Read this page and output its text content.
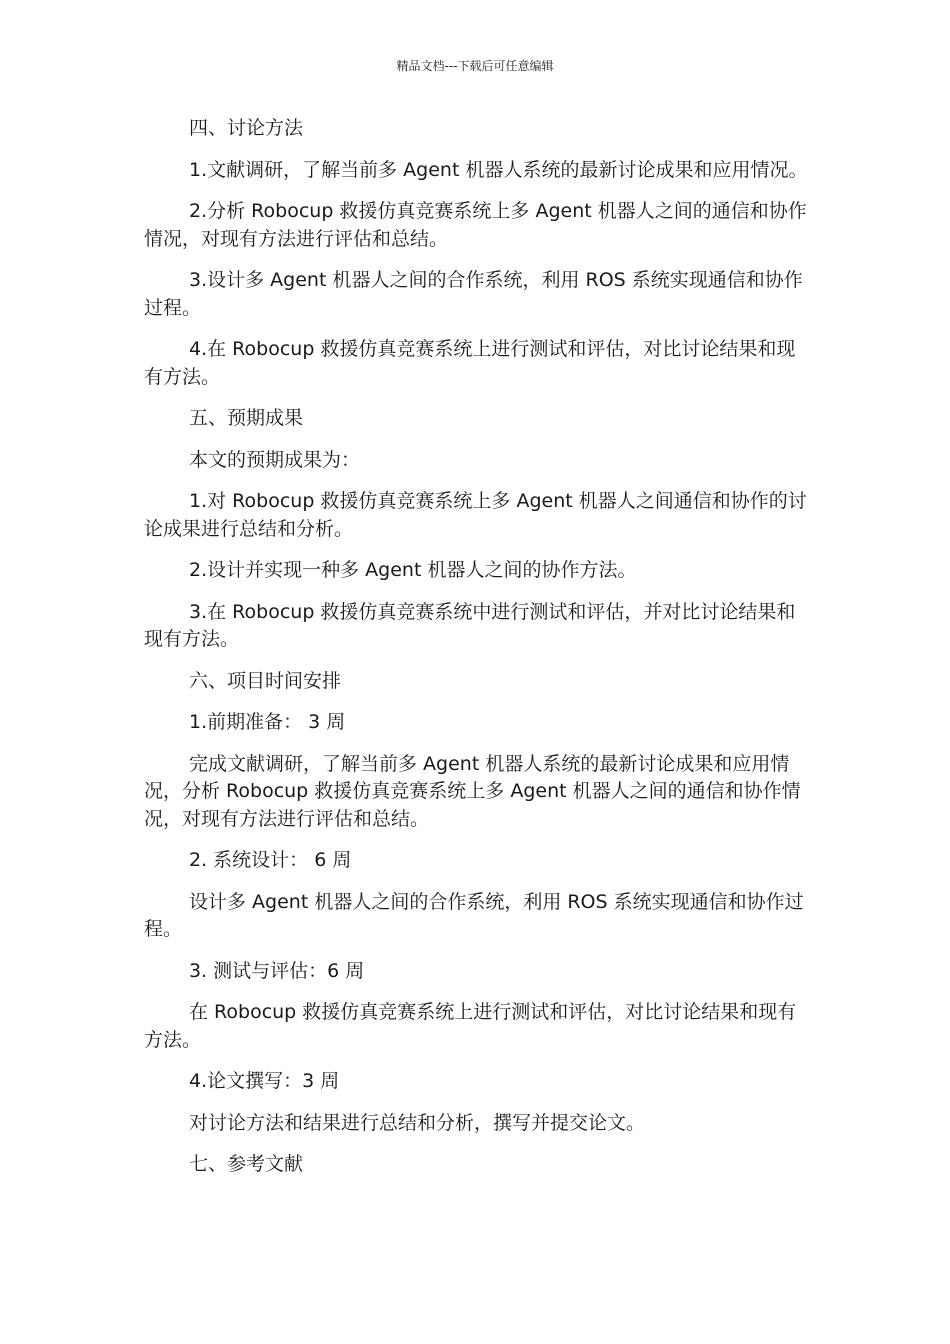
精品文档---下载后可任意编辑

四、讨论方法

1.文献调研，了解当前多 Agent 机器人系统的最新讨论成果和应用情况。

2.分析 Robocup 救援仿真竞赛系统上多 Agent 机器人之间的通信和协作情况，对现有方法进行评估和总结。

3.设计多 Agent 机器人之间的合作系统，利用 ROS 系统实现通信和协作过程。

4.在 Robocup 救援仿真竞赛系统上进行测试和评估，对比讨论结果和现有方法。

五、预期成果

本文的预期成果为：

1.对 Robocup 救援仿真竞赛系统上多 Agent 机器人之间通信和协作的讨论成果进行总结和分析。

2.设计并实现一种多 Agent 机器人之间的协作方法。

3.在 Robocup 救援仿真竞赛系统中进行测试和评估，并对比讨论结果和现有方法。

六、项目时间安排

1.前期准备： 3 周

完成文献调研，了解当前多 Agent 机器人系统的最新讨论成果和应用情况，分析 Robocup 救援仿真竞赛系统上多 Agent 机器人之间的通信和协作情况，对现有方法进行评估和总结。

2. 系统设计： 6 周

设计多 Agent 机器人之间的合作系统，利用 ROS 系统实现通信和协作过程。

3. 测试与评估：6 周

在 Robocup 救援仿真竞赛系统上进行测试和评估，对比讨论结果和现有方法。

4.论文撰写：3 周

对讨论方法和结果进行总结和分析，撰写并提交论文。

七、参考文献
